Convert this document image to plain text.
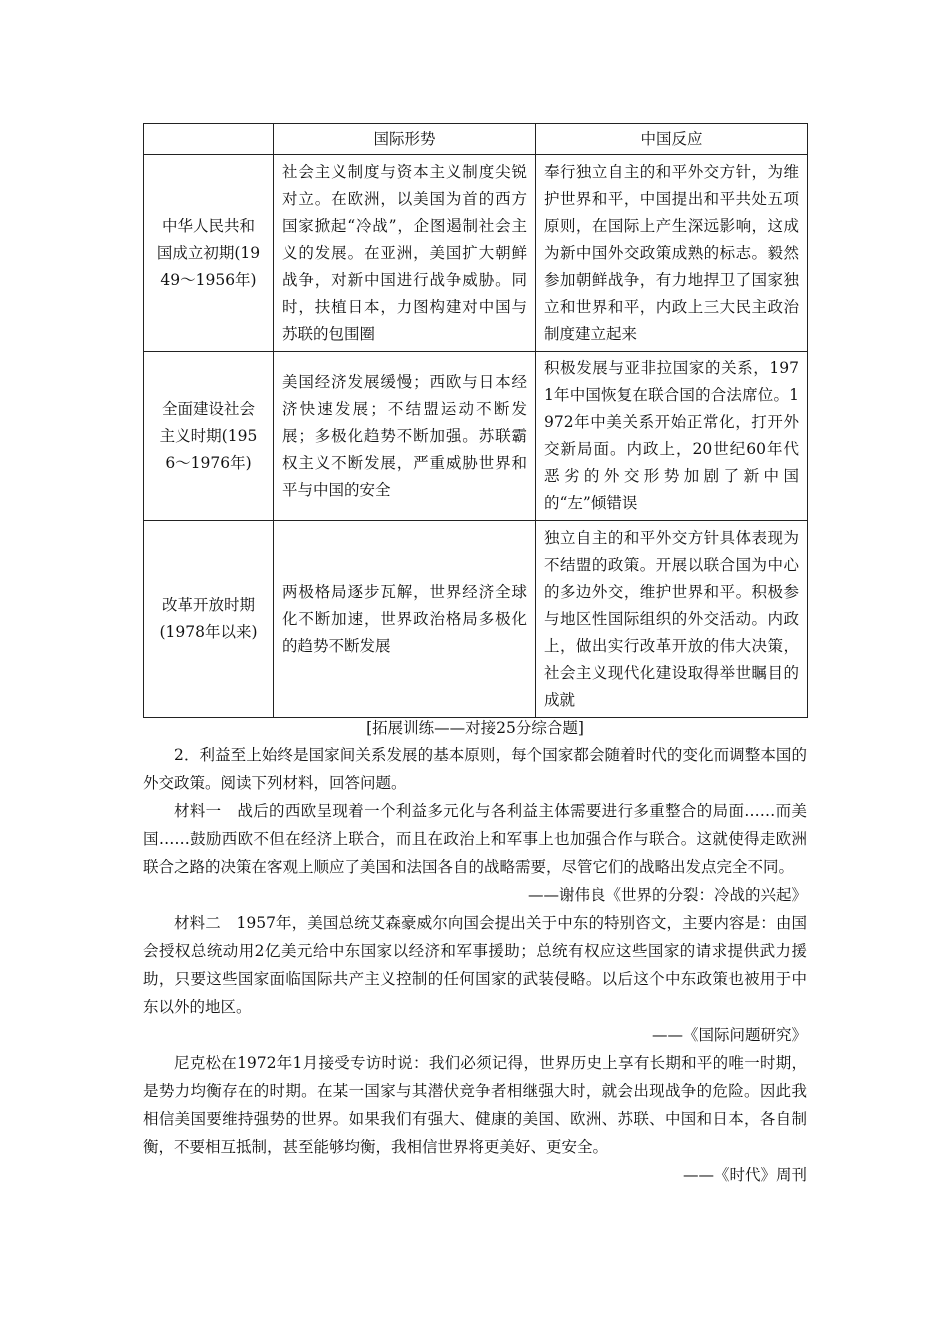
	国际形势	中国反应
中华人民共和国成立初期(1949～1956年)	社会主义制度与资本主义制度尖锐对立。在欧洲，以美国为首的西方国家掀起“冷战”，企图遏制社会主义的发展。在亚洲，美国扩大朝鲜战争，对新中国进行战争威胁。同时，扶植日本，力图构建对中国与苏联的包围圈	奉行独立自主的和平外交方针，为维护世界和平，中国提出和平共处五项原则，在国际上产生深远影响，这成为新中国外交政策成熟的标志。毅然参加朝鲜战争，有力地捍卫了国家独立和世界和平，内政上三大民主政治制度建立起来
全面建设社会主义时期(1956～1976年)	美国经济发展缓慢；西欧与日本经济快速发展；不结盟运动不断发展；多极化趋势不断加强。苏联霸权主义不断发展，严重威胁世界和平与中国的安全	积极发展与亚非拉国家的关系，1971年中国恢复在联合国的合法席位。1972年中美关系开始正常化，打开外交新局面。内政上，20世纪60年代恶劣的外交形势加剧了新中国的“左”倾错误
改革开放时期(1978年以来)	两极格局逐步瓦解，世界经济全球化不断加速，世界政治格局多极化的趋势不断发展	独立自主的和平外交方针具体表现为不结盟的政策。开展以联合国为中心的多边外交，维护世界和平。积极参与地区性国际组织的外交活动。内政上，做出实行改革开放的伟大决策，社会主义现代化建设取得举世瞩目的成就
[拓展训练——对接25分综合题]

2．利益至上始终是国家间关系发展的基本原则，每个国家都会随着时代的变化而调整本国的外交政策。阅读下列材料，回答问题。

材料一　战后的西欧呈现着一个利益多元化与各利益主体需要进行多重整合的局面……而美国……鼓励西欧不但在经济上联合，而且在政治上和军事上也加强合作与联合。这就使得走欧洲联合之路的决策在客观上顺应了美国和法国各自的战略需要，尽管它们的战略出发点完全不同。

——谢伟良《世界的分裂：冷战的兴起》

材料二　1957年，美国总统艾森豪威尔向国会提出关于中东的特别咨文，主要内容是：由国会授权总统动用2亿美元给中东国家以经济和军事援助；总统有权应这些国家的请求提供武力援助，只要这些国家面临国际共产主义控制的任何国家的武装侵略。以后这个中东政策也被用于中东以外的地区。

——《国际问题研究》

尼克松在1972年1月接受专访时说：我们必须记得，世界历史上享有长期和平的唯一时期，是势力均衡存在的时期。在某一国家与其潜伏竞争者相继强大时，就会出现战争的危险。因此我相信美国要维持强势的世界。如果我们有强大、健康的美国、欧洲、苏联、中国和日本，各自制衡，不要相互抵制，甚至能够均衡，我相信世界将更美好、更安全。

——《时代》周刊
